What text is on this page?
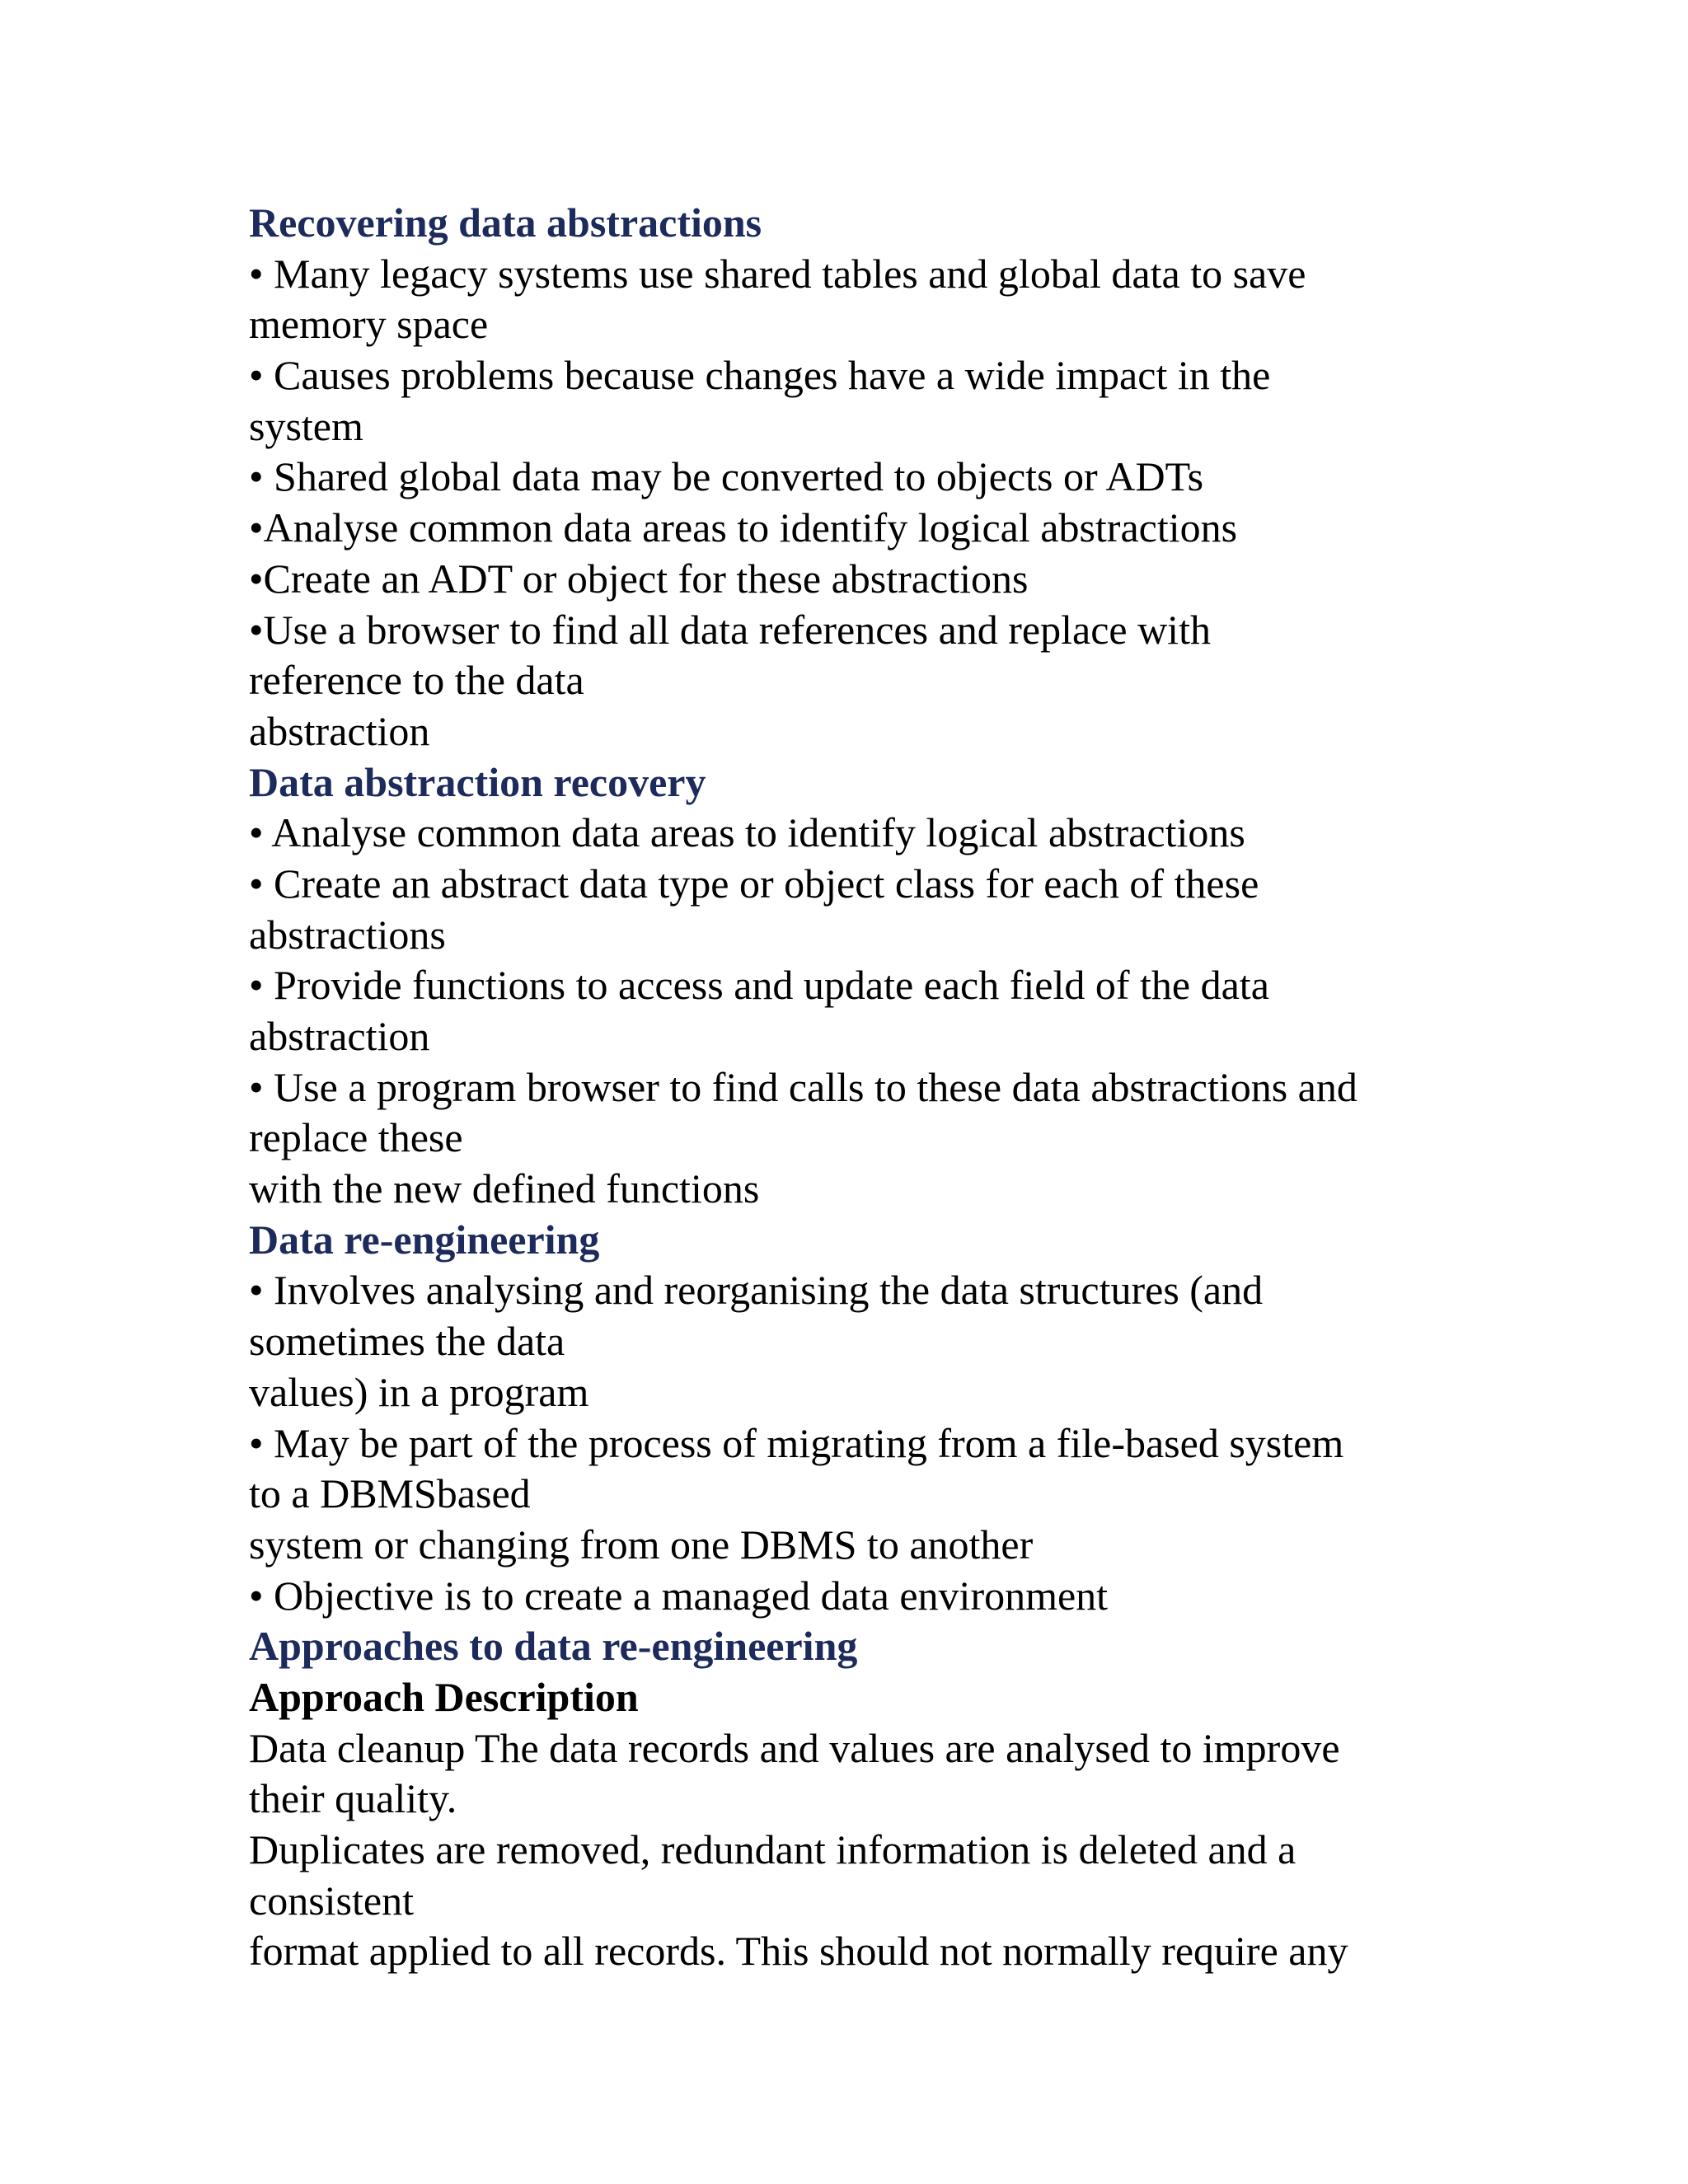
Recovering data abstractions
• Many legacy systems use shared tables and global data to save
memory space
• Causes problems because changes have a wide impact in the
system
• Shared global data may be converted to objects or ADTs
•Analyse common data areas to identify logical abstractions
•Create an ADT or object for these abstractions
•Use a browser to find all data references and replace with
reference to the data
abstraction
Data abstraction recovery
• Analyse common data areas to identify logical abstractions
• Create an abstract data type or object class for each of these
abstractions
• Provide functions to access and update each field of the data
abstraction
• Use a program browser to find calls to these data abstractions and
replace these
with the new defined functions
Data re-engineering
• Involves analysing and reorganising the data structures (and
sometimes the data
values) in a program
• May be part of the process of migrating from a file-based system
to a DBMSbased
system or changing from one DBMS to another
• Objective is to create a managed data environment
Approaches to data re-engineering
Approach Description
Data cleanup The data records and values are analysed to improve
their quality.
Duplicates are removed, redundant information is deleted and a
consistent
format applied to all records. This should not normally require any
